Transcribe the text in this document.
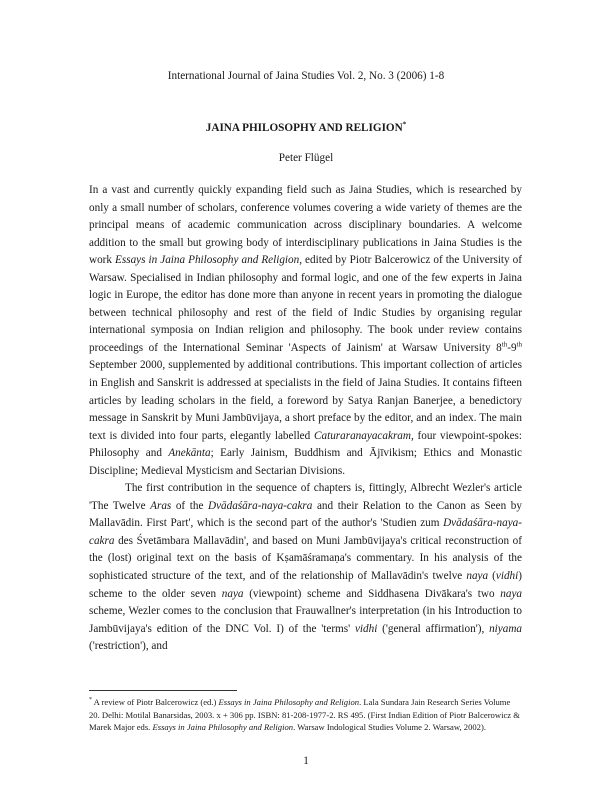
International Journal of Jaina Studies Vol. 2, No. 3 (2006) 1-8
JAINA PHILOSOPHY AND RELIGION*
Peter Flügel

In a vast and currently quickly expanding field such as Jaina Studies, which is researched by only a small number of scholars, conference volumes covering a wide variety of themes are the principal means of academic communication across disciplinary boundaries. A welcome addition to the small but growing body of interdisciplinary publications in Jaina Studies is the work Essays in Jaina Philosophy and Religion, edited by Piotr Balcerowicz of the University of Warsaw. Specialised in Indian philosophy and formal logic, and one of the few experts in Jaina logic in Europe, the editor has done more than anyone in recent years in promoting the dialogue between technical philosophy and rest of the field of Indic Studies by organising regular international symposia on Indian religion and philosophy. The book under review contains proceedings of the International Seminar 'Aspects of Jainism' at Warsaw University 8th-9th September 2000, supplemented by additional contributions. This important collection of articles in English and Sanskrit is addressed at specialists in the field of Jaina Studies. It contains fifteen articles by leading scholars in the field, a foreword by Satya Ranjan Banerjee, a benedictory message in Sanskrit by Muni Jambūvijaya, a short preface by the editor, and an index. The main text is divided into four parts, elegantly labelled Caturaranayacakram, four viewpoint-spokes: Philosophy and Anekānta; Early Jainism, Buddhism and Ājīvikism; Ethics and Monastic Discipline; Medieval Mysticism and Sectarian Divisions.

The first contribution in the sequence of chapters is, fittingly, Albrecht Wezler's article 'The Twelve Aras of the Dvādaśāra-naya-cakra and their Relation to the Canon as Seen by Mallavādin. First Part', which is the second part of the author's 'Studien zum Dvādaśāra-naya-cakra des Śvetāmbara Mallavādin', and based on Muni Jambūvijaya's critical reconstruction of the (lost) original text on the basis of Kṣamāśramaṇa's commentary. In his analysis of the sophisticated structure of the text, and of the relationship of Mallavādin's twelve naya (vidhi) scheme to the older seven naya (viewpoint) scheme and Siddhasena Divākara's two naya scheme, Wezler comes to the conclusion that Frauwallner's interpretation (in his Introduction to Jambūvijaya's edition of the DNC Vol. I) of the 'terms' vidhi ('general affirmation'), niyama ('restriction'), and

* A review of Piotr Balcerowicz (ed.) Essays in Jaina Philosophy and Religion. Lala Sundara Jain Research Series Volume 20. Delhi: Motilal Banarsidas, 2003. x + 306 pp. ISBN: 81-208-1977-2. RS 495. (First Indian Edition of Piotr Balcerowicz & Marek Major eds. Essays in Jaina Philosophy and Religion. Warsaw Indological Studies Volume 2. Warsaw, 2002).
1
